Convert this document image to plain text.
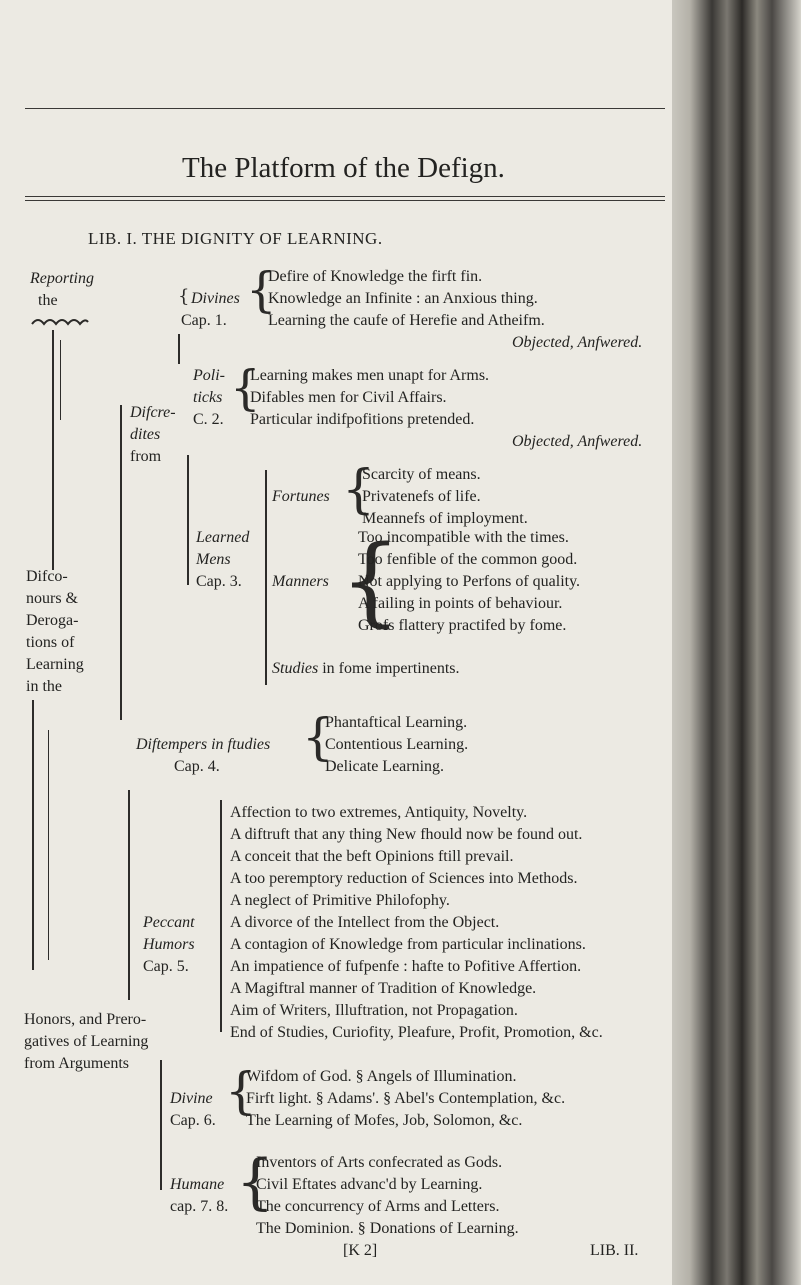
The Platform of the Defign.
LIB. I. THE DIGNITY OF LEARNING.
Reporting
the
Difco-
nours &
Deroga-
tions of
Learning
in the
Honors, and Prero-
gatives of Learning
from Arguments
Difcre-
dites
from
{ Divines
Cap. 1.
{
Defire of Knowledge the firft fin.
Knowledge an Infinite : an Anxious thing.
Learning the caufe of Herefie and Atheifm.
Objected, Anfwered.
Poli-
ticks
C. 2.
{
Learning makes men unapt for Arms.
Difables men for Civil Affairs.
Particular indifpofitions pretended.
Objected, Anfwered.
Learned
Mens
Cap. 3.
Fortunes {
Scarcity of means.
Privatenefs of life.
Meannefs of imployment.
Manners {
Too incompatible with the times.
Too fenfible of the common good.
Not applying to Perfons of quality.
A failing in points of behaviour.
Grofs flattery practifed by fome.
Studies in fome impertinents.
Diftempers in ftudies
Cap. 4.
{
Phantaftical Learning.
Contentious Learning.
Delicate Learning.
Peccant
Humors
Cap. 5.
Affection to two extremes, Antiquity, Novelty.
A diftruft that any thing New fhould now be found out.
A conceit that the beft Opinions ftill prevail.
A too peremptory reduction of Sciences into Methods.
A neglect of Primitive Philofophy.
A divorce of the Intellect from the Object.
A contagion of Knowledge from particular inclinations.
An impatience of fufpenfe : hafte to Pofitive Affertion.
A Magiftral manner of Tradition of Knowledge.
Aim of Writers, Illuftration, not Propagation.
End of Studies, Curiofity, Pleafure, Profit, Promotion, &c.
Divine
Cap. 6.
{
Wifdom of God. § Angels of Illumination.
Firft light. § Adams'. § Abel's Contemplation, &c.
The Learning of Mofes, Job, Solomon, &c.
Humane
cap. 7. 8. {
Inventors of Arts confecrated as Gods.
Civil Eftates advanc'd by Learning.
The concurrency of Arms and Letters.
The Dominion. § Donations of Learning.
[K 2]	LIB. II.
